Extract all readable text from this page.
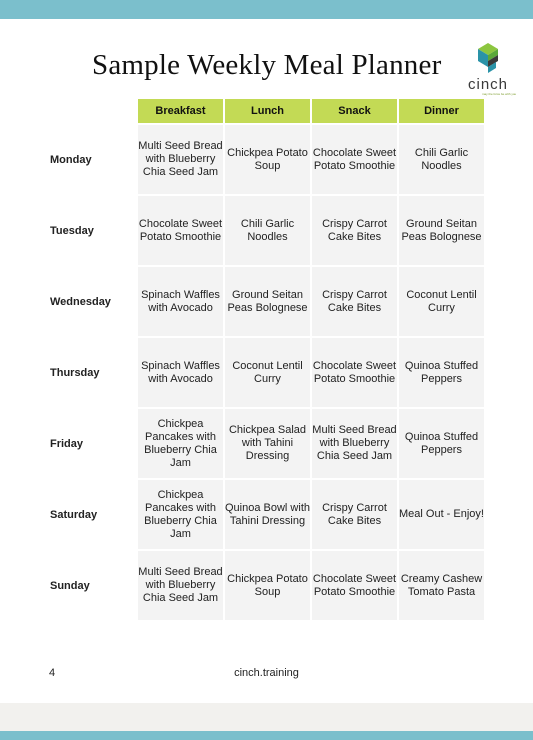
Sample Weekly Meal Planner
cinch
may the force be with you
	Breakfast	Lunch	Snack	Dinner
Monday	Multi Seed Bread with Blueberry Chia Seed Jam	Chickpea Potato Soup	Chocolate Sweet Potato Smoothie	Chili Garlic Noodles
Tuesday	Chocolate Sweet Potato Smoothie	Chili Garlic Noodles	Crispy Carrot Cake Bites	Ground Seitan Peas Bolognese
Wednesday	Spinach Waffles with Avocado	Ground Seitan Peas Bolognese	Crispy Carrot Cake Bites	Coconut Lentil Curry
Thursday	Spinach Waffles with Avocado	Coconut Lentil Curry	Chocolate Sweet Potato Smoothie	Quinoa Stuffed Peppers
Friday	Chickpea Pancakes with Blueberry Chia Jam	Chickpea Salad with Tahini Dressing	Multi Seed Bread with Blueberry Chia Seed Jam	Quinoa Stuffed Peppers
Saturday	Chickpea Pancakes with Blueberry Chia Jam	Quinoa Bowl with Tahini Dressing	Crispy Carrot Cake Bites	Meal Out - Enjoy!
Sunday	Multi Seed Bread with Blueberry Chia Seed Jam	Chickpea Potato Soup	Chocolate Sweet Potato Smoothie	Creamy Cashew Tomato Pasta
4	cinch.training
